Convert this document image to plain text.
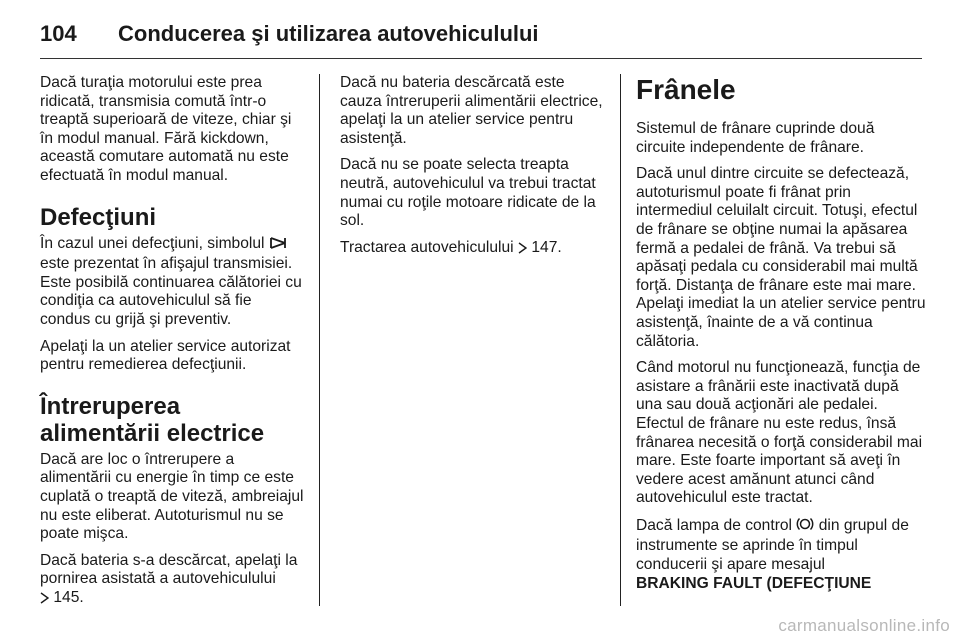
104	Conducerea şi utilizarea autovehiculului

Dacă turaţia motorului este prea ridicată, transmisia comută într-o treaptă superioară de viteze, chiar şi în modul manual. Fără kickdown, această comutare automată nu este efectuată în modul manual.

Defecţiuni

În cazul unei defecţiuni, simbolul  este prezentat în afişajul transmisiei. Este posibilă continuarea călătoriei cu condiţia ca autovehiculul să fie condus cu grijă şi preventiv.

Apelaţi la un atelier service autorizat pentru remedierea defecţiunii.

Întreruperea alimentării electrice

Dacă are loc o întrerupere a alimentării cu energie în timp ce este cuplată o treaptă de viteză, ambreiajul nu este eliberat. Autoturismul nu se poate mişca.

Dacă bateria s-a descărcat, apelaţi la pornirea asistată a autovehiculului
145.

Dacă nu bateria descărcată este cauza întreruperii alimentării electrice, apelaţi la un atelier service pentru asistenţă.

Dacă nu se poate selecta treapta neutră, autovehiculul va trebui tractat numai cu roţile motoare ridicate de la sol.

Tractarea autovehiculului 147.

Frânele

Sistemul de frânare cuprinde două circuite independente de frânare.

Dacă unul dintre circuite se defectează, autoturismul poate fi frânat prin intermediul celuilalt circuit. Totuşi, efectul de frânare se obţine numai la apăsarea fermă a pedalei de frână. Va trebui să apăsaţi pedala cu considerabil mai multă forţă. Distanţa de frânare este mai mare. Apelaţi imediat la un atelier service pentru asistenţă, înainte de a vă continua călătoria.

Când motorul nu funcţionează, funcţia de asistare a frânării este inactivată după una sau două acţionări ale pedalei. Efectul de frânare nu este redus, însă frânarea necesită o forţă considerabil mai mare. Este foarte important să aveţi în vedere acest amănunt atunci când autovehiculul este tractat.

Dacă lampa de control din grupul de instrumente se aprinde în timpul conducerii şi apare mesajul
BRAKING FAULT (DEFECŢIUNE

carmanualsonline.info
